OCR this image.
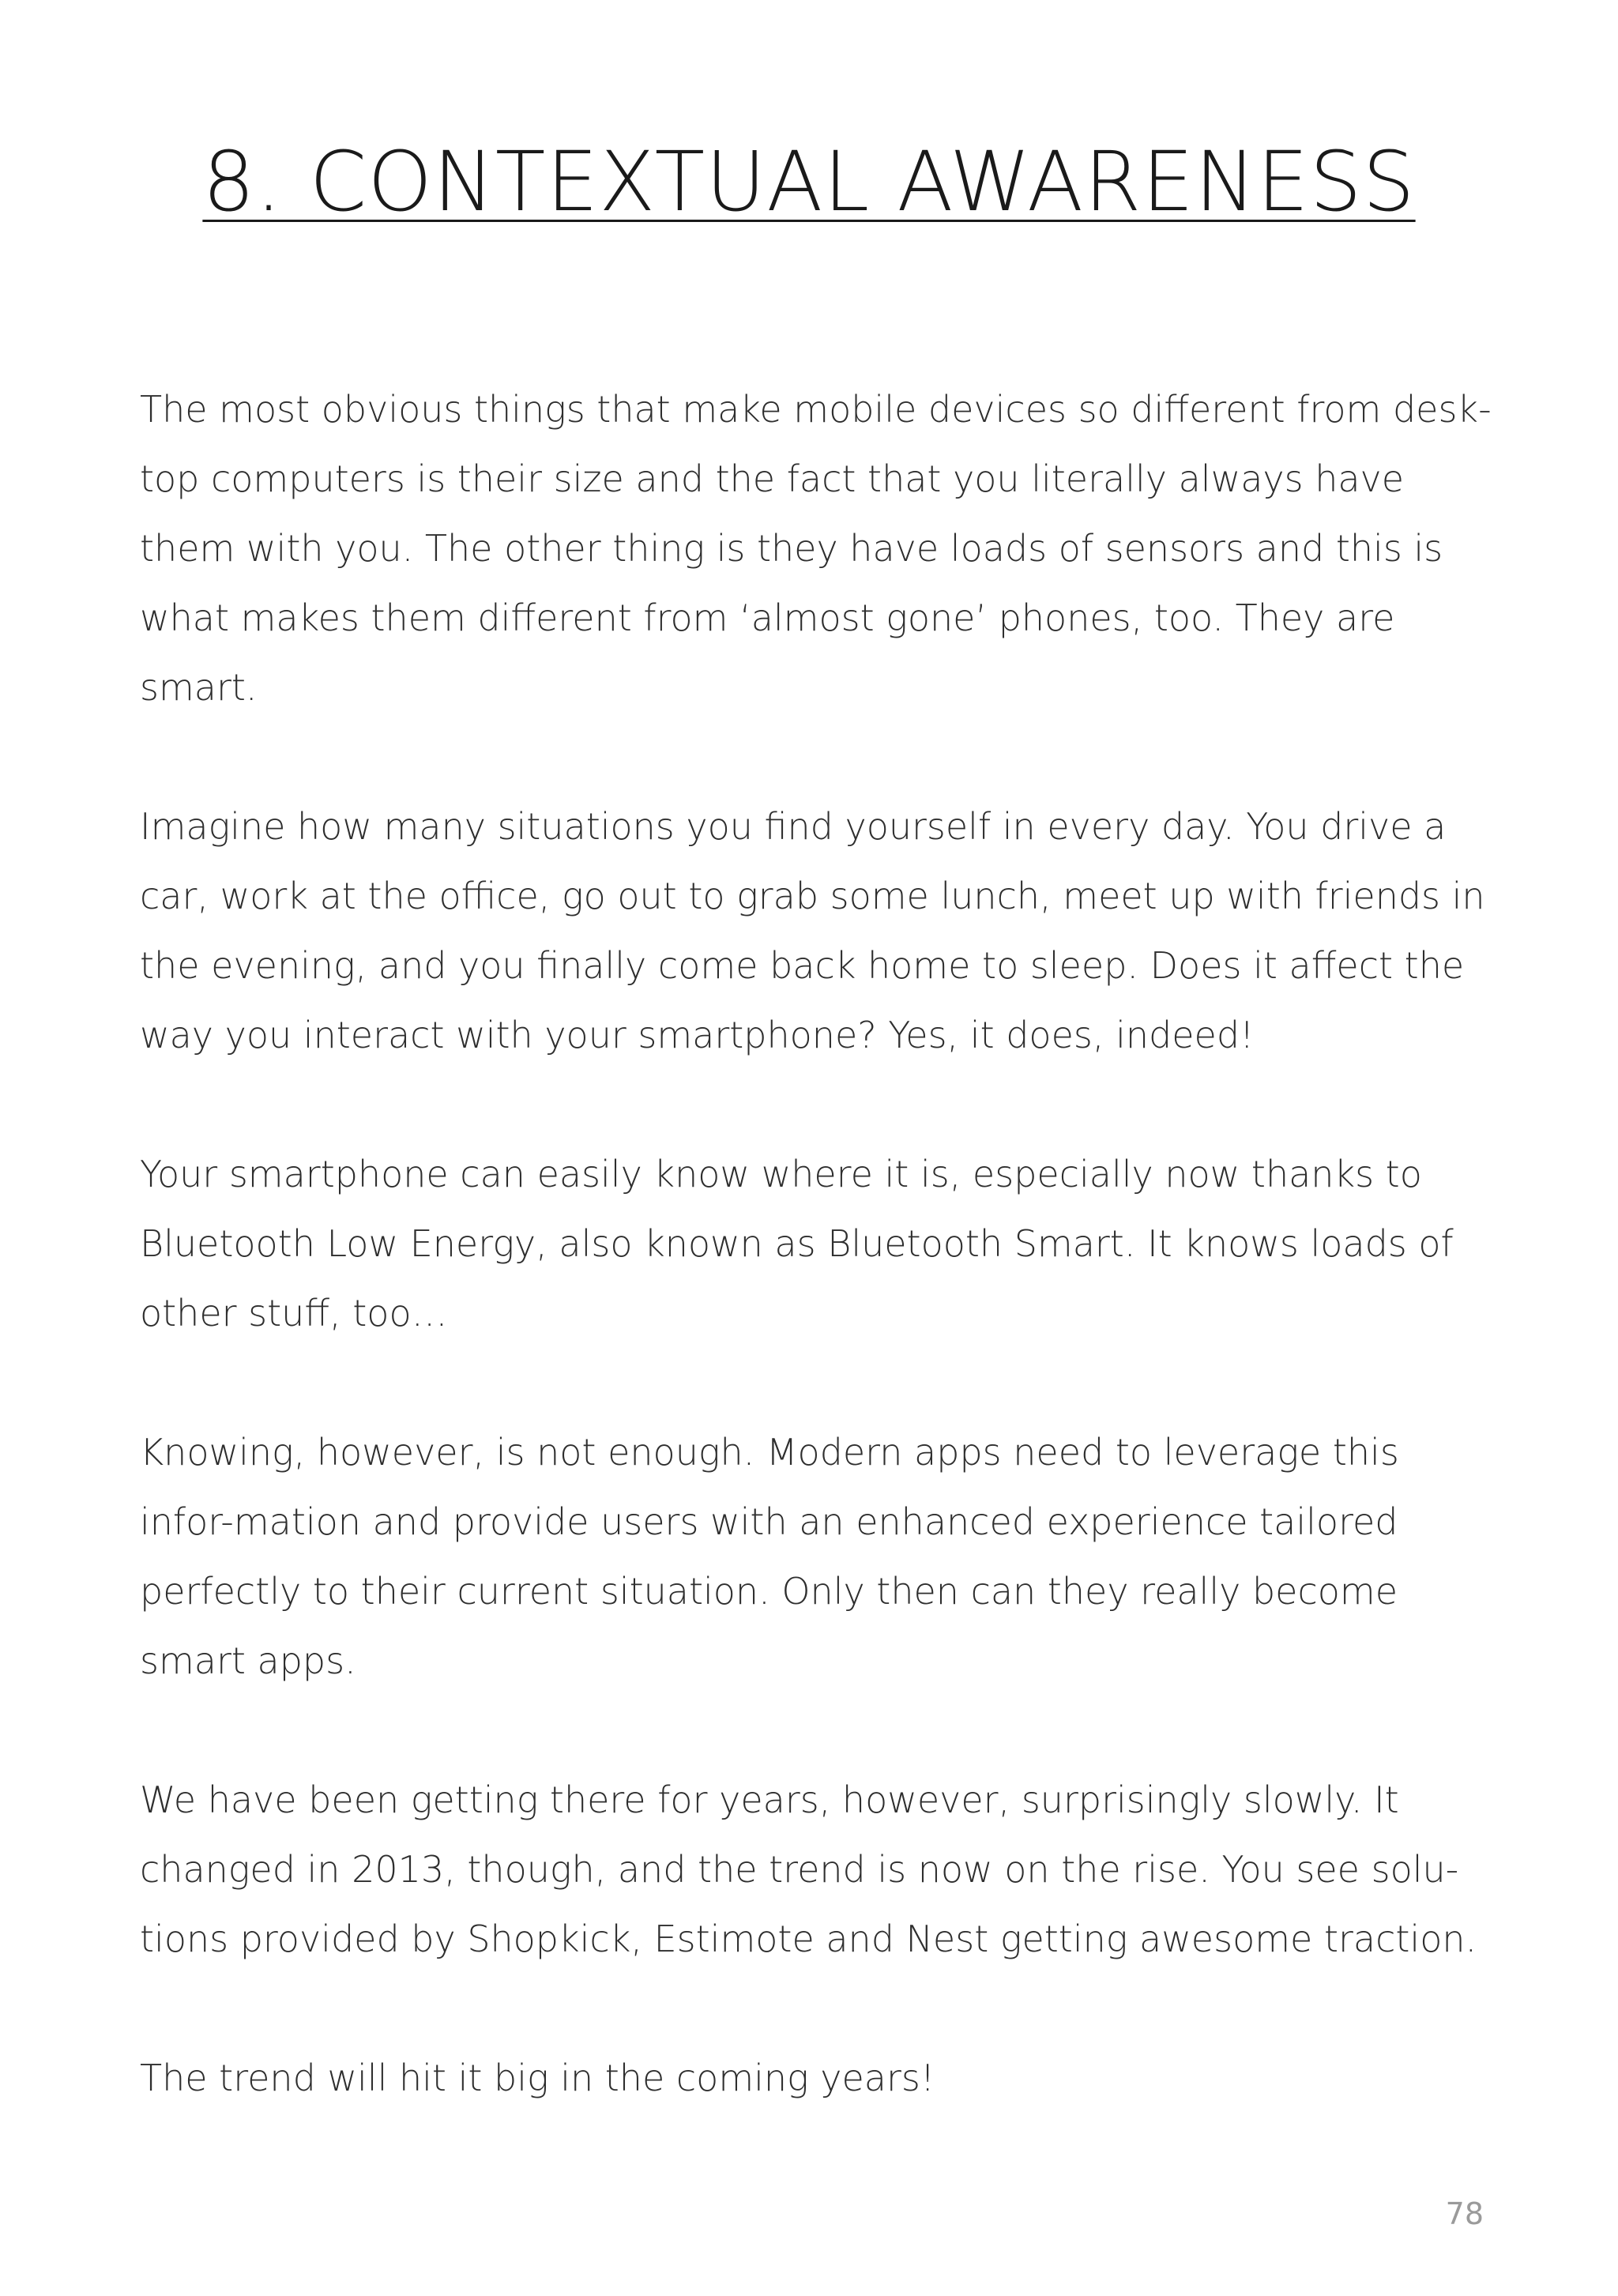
8. CONTEXTUAL AWARENESS

The most obvious things that make mobile devices so different from desk-top computers is their size and the fact that you literally always have them with you. The other thing is they have loads of sensors and this is what makes them different from ‘almost gone’ phones, too. They are smart.

Imagine how many situations you find yourself in every day. You drive a car, work at the office, go out to grab some lunch, meet up with friends in the evening, and you finally come back home to sleep. Does it affect the way you interact with your smartphone? Yes, it does, indeed!

Your smartphone can easily know where it is, especially now thanks to Bluetooth Low Energy, also known as Bluetooth Smart. It knows loads of other stuff, too…

Knowing, however, is not enough. Modern apps need to leverage this infor-mation and provide users with an enhanced experience tailored perfectly to their current situation. Only then can they really become smart apps.

We have been getting there for years, however, surprisingly slowly. It changed in 2013, though, and the trend is now on the rise. You see solu-tions provided by Shopkick, Estimote and Nest getting awesome traction.

The trend will hit it big in the coming years!

78
